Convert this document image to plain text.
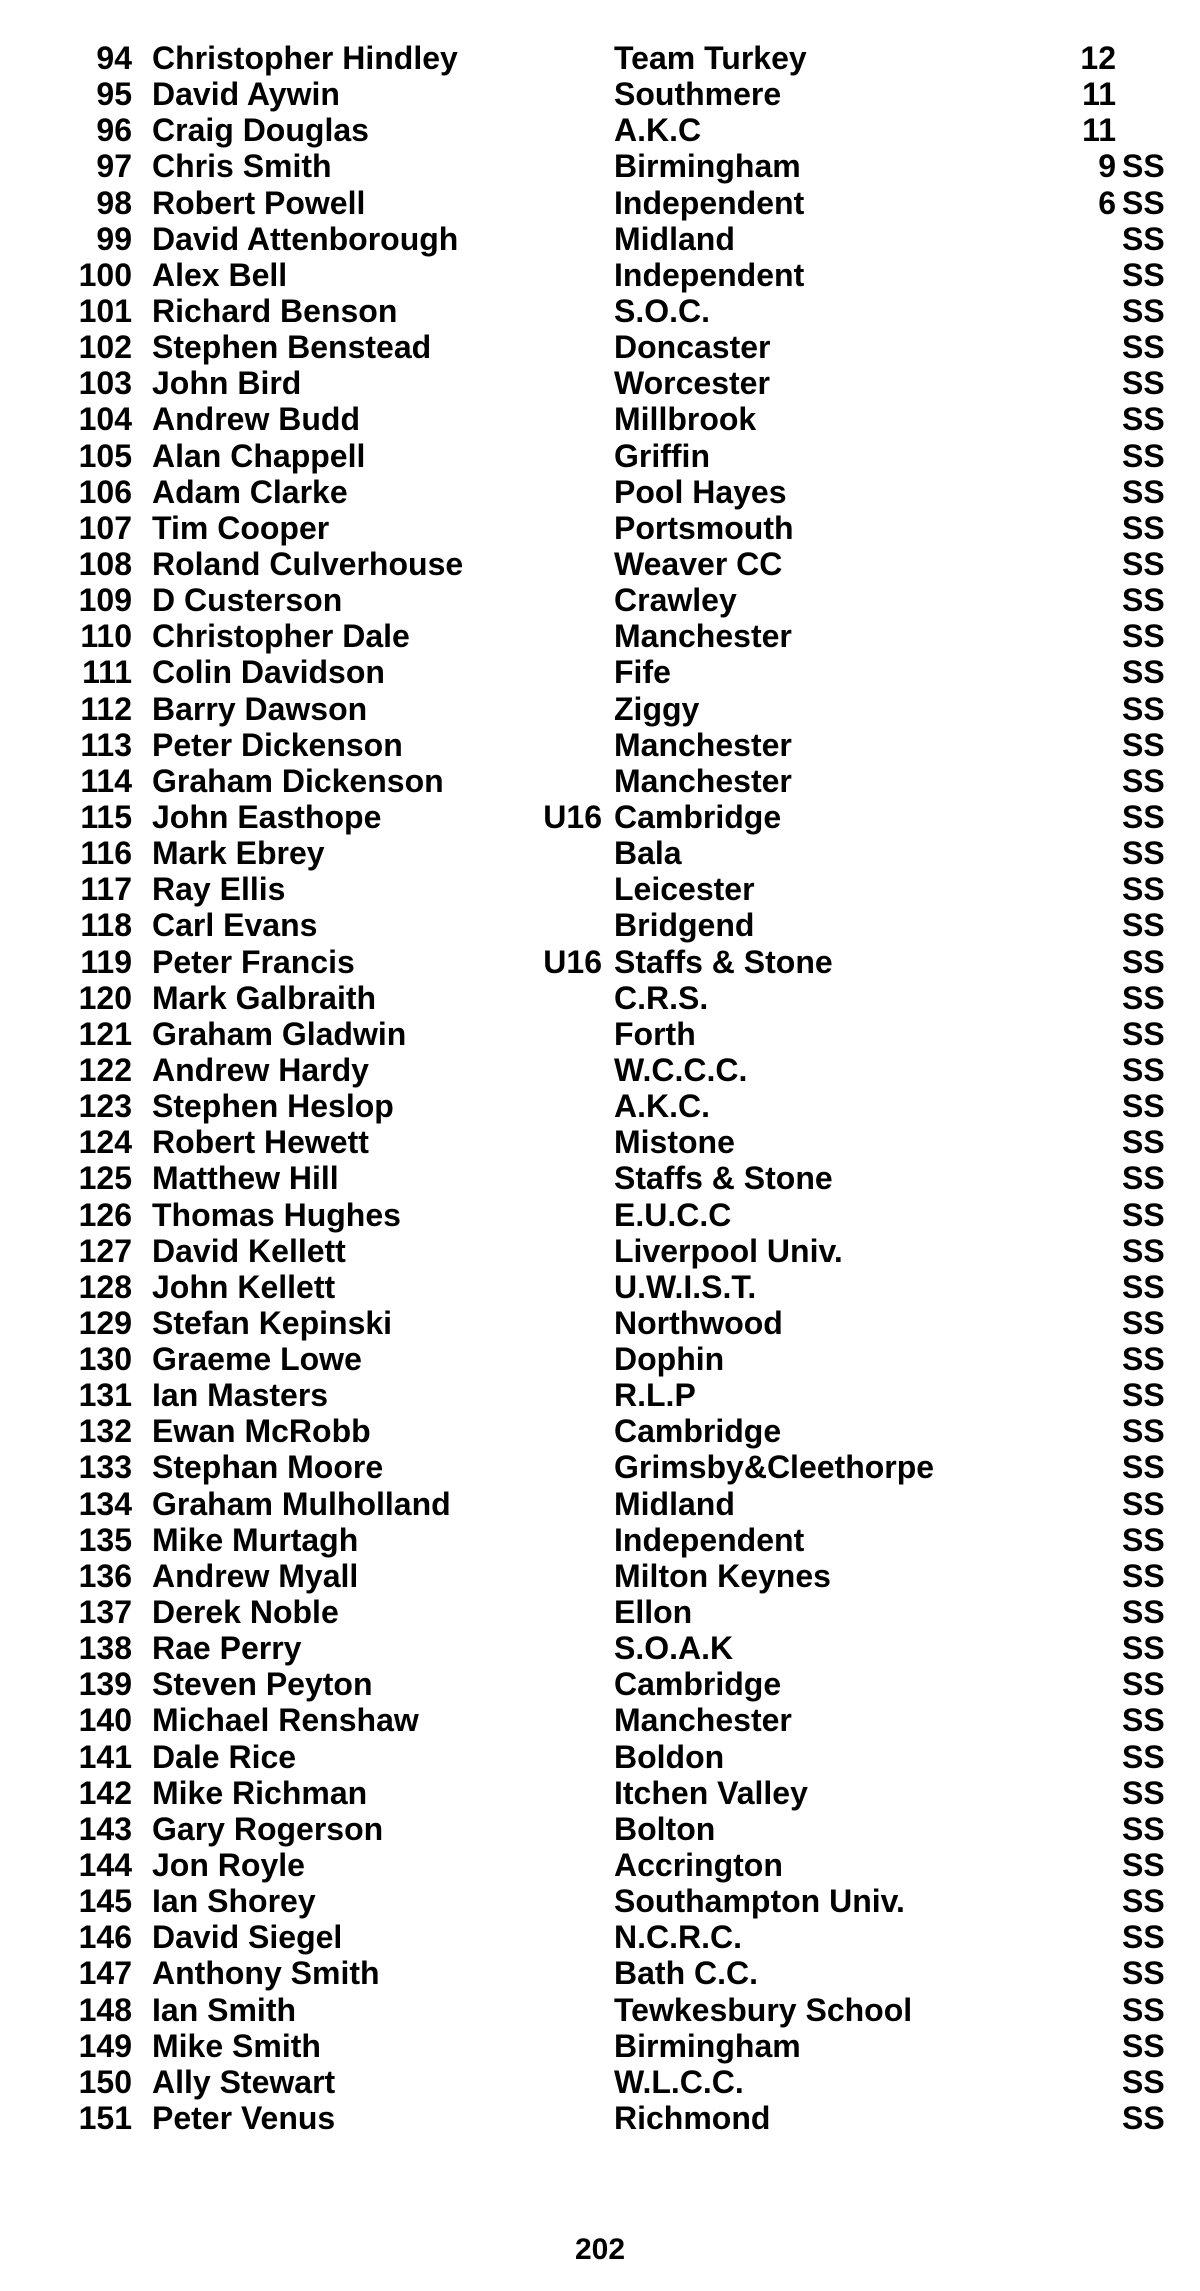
94 Christopher Hindley	Team Turkey	12
95 David Aywin	Southmere	11
96 Craig Douglas	A.K.C	11
97 Chris Smith	Birmingham	9 SS
98 Robert Powell	Independent	6 SS
99 David Attenborough	Midland	SS
100 Alex Bell	Independent	SS
101 Richard Benson	S.O.C.	SS
102 Stephen Benstead	Doncaster	SS
103 John Bird	Worcester	SS
104 Andrew Budd	Millbrook	SS
105 Alan Chappell	Griffin	SS
106 Adam Clarke	Pool Hayes	SS
107 Tim Cooper	Portsmouth	SS
108 Roland Culverhouse	Weaver CC	SS
109 D Custerson	Crawley	SS
110 Christopher Dale	Manchester	SS
111 Colin Davidson	Fife	SS
112 Barry Dawson	Ziggy	SS
113 Peter Dickenson	Manchester	SS
114 Graham Dickenson	Manchester	SS
115 John Easthope	U16 Cambridge	SS
116 Mark Ebrey	Bala	SS
117 Ray Ellis	Leicester	SS
118 Carl Evans	Bridgend	SS
119 Peter Francis	U16 Staffs & Stone	SS
120 Mark Galbraith	C.R.S.	SS
121 Graham Gladwin	Forth	SS
122 Andrew Hardy	W.C.C.C.	SS
123 Stephen Heslop	A.K.C.	SS
124 Robert Hewett	Mistone	SS
125 Matthew Hill	Staffs & Stone	SS
126 Thomas Hughes	E.U.C.C	SS
127 David Kellett	Liverpool Univ.	SS
128 John Kellett	U.W.I.S.T.	SS
129 Stefan Kepinski	Northwood	SS
130 Graeme Lowe	Dophin	SS
131 Ian Masters	R.L.P	SS
132 Ewan McRobb	Cambridge	SS
133 Stephan Moore	Grimsby&Cleethorpe	SS
134 Graham Mulholland	Midland	SS
135 Mike Murtagh	Independent	SS
136 Andrew Myall	Milton Keynes	SS
137 Derek Noble	Ellon	SS
138 Rae Perry	S.O.A.K	SS
139 Steven Peyton	Cambridge	SS
140 Michael Renshaw	Manchester	SS
141 Dale Rice	Boldon	SS
142 Mike Richman	Itchen Valley	SS
143 Gary Rogerson	Bolton	SS
144 Jon Royle	Accrington	SS
145 Ian Shorey	Southampton Univ.	SS
146 David Siegel	N.C.R.C.	SS
147 Anthony Smith	Bath C.C.	SS
148 Ian Smith	Tewkesbury School	SS
149 Mike Smith	Birmingham	SS
150 Ally Stewart	W.L.C.C.	SS
151 Peter Venus	Richmond	SS
202
